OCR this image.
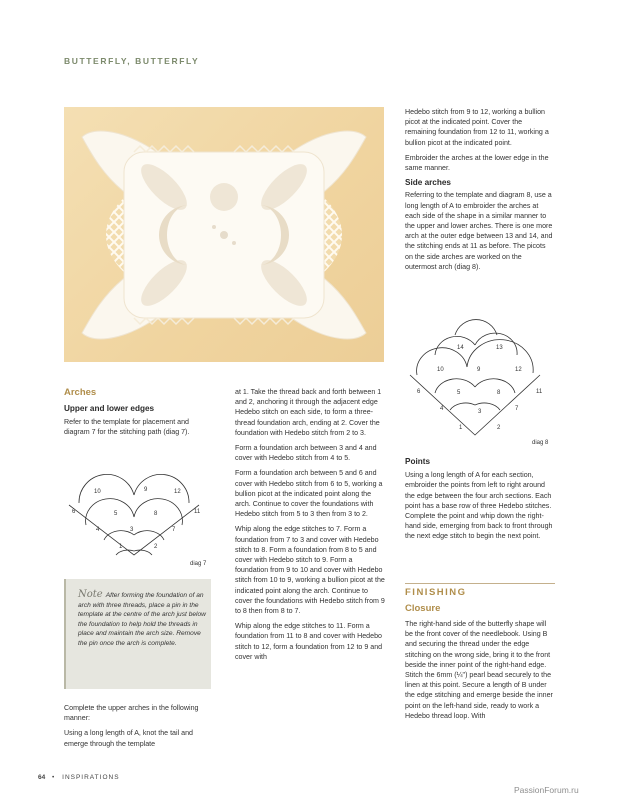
BUTTERFLY, BUTTERFLY
Arches
Upper and lower edges

Refer to the template for placement and diagram 7 for the stitching path (diag 7).

1	2
3
4
5
6
7
8
9
10
11
12
diag 7
Note After forming the foundation of an arch with three threads, place a pin in the template at the centre of the arch just below the foundation to help hold the threads in place and maintain the arch size. Remove the pin once the arch is complete.

Complete the upper arches in the following manner:

Using a long length of A, knot the tail and emerge through the template

at 1. Take the thread back and forth between 1 and 2, anchoring it through the adjacent edge Hedebo stitch on each side, to form a three-thread foundation arch, ending at 2. Cover the foundation with Hedebo stitch from 2 to 3.

Form a foundation arch between 3 and 4 and cover with Hedebo stitch from 4 to 5.

Form a foundation arch between 5 and 6 and cover with Hedebo stitch from 6 to 5, working a bullion picot at the indicated point along the arch. Continue to cover the foundations with Hedebo stitch from 5 to 3 then from 3 to 2.

Whip along the edge stitches to 7. Form a foundation from 7 to 3 and cover with Hedebo stitch to 8. Form a foundation from 8 to 5 and cover with Hedebo stitch to 9. Form a foundation from 9 to 10 and cover with Hedebo stitch from 10 to 9, working a bullion picot at the indicated point along the arch. Continue to cover the foundations with Hedebo stitch from 9 to 8 then from 8 to 7.

Whip along the edge stitches to 11. Form a foundation from 11 to 8 and cover with Hedebo stitch to 12, form a foundation from 12 to 9 and cover with

Hedebo stitch from 9 to 12, working a bullion picot at the indicated point. Cover the remaining foundation from 12 to 11, working a bullion picot at the indicated point.

Embroider the arches at the lower edge in the same manner.

Side arches

Referring to the template and diagram 8, use a long length of A to embroider the arches at each side of the shape in a similar manner to the upper and lower arches. There is one more arch at the outer edge between 13 and 14, and the stitching ends at 11 as before. The picots on the side arches are worked on the outermost arch (diag 8).

1	2
3
4
5
6
7
8
9
10
11
12
13
14
diag 8
Points

Using a long length of A for each section, embroider the points from left to right around the edge between the four arch sections. Each point has a base row of three Hedebo stitches. Complete the point and whip down the right-hand side, emerging from back to front through the next edge stitch to begin the next point.

FINISHING
Closure

The right-hand side of the butterfly shape will be the front cover of the needlebook. Using B and securing the thread under the edge stitching on the wrong side, bring it to the front beside the inner point of the right-hand edge. Stitch the 6mm (¼") pearl bead securely to the linen at this point. Secure a length of B under the edge stitching and emerge beside the inner point on the left-hand side, ready to work a Hedebo thread loop. With

64 • INSPIRATIONS
PassionForum.ru
